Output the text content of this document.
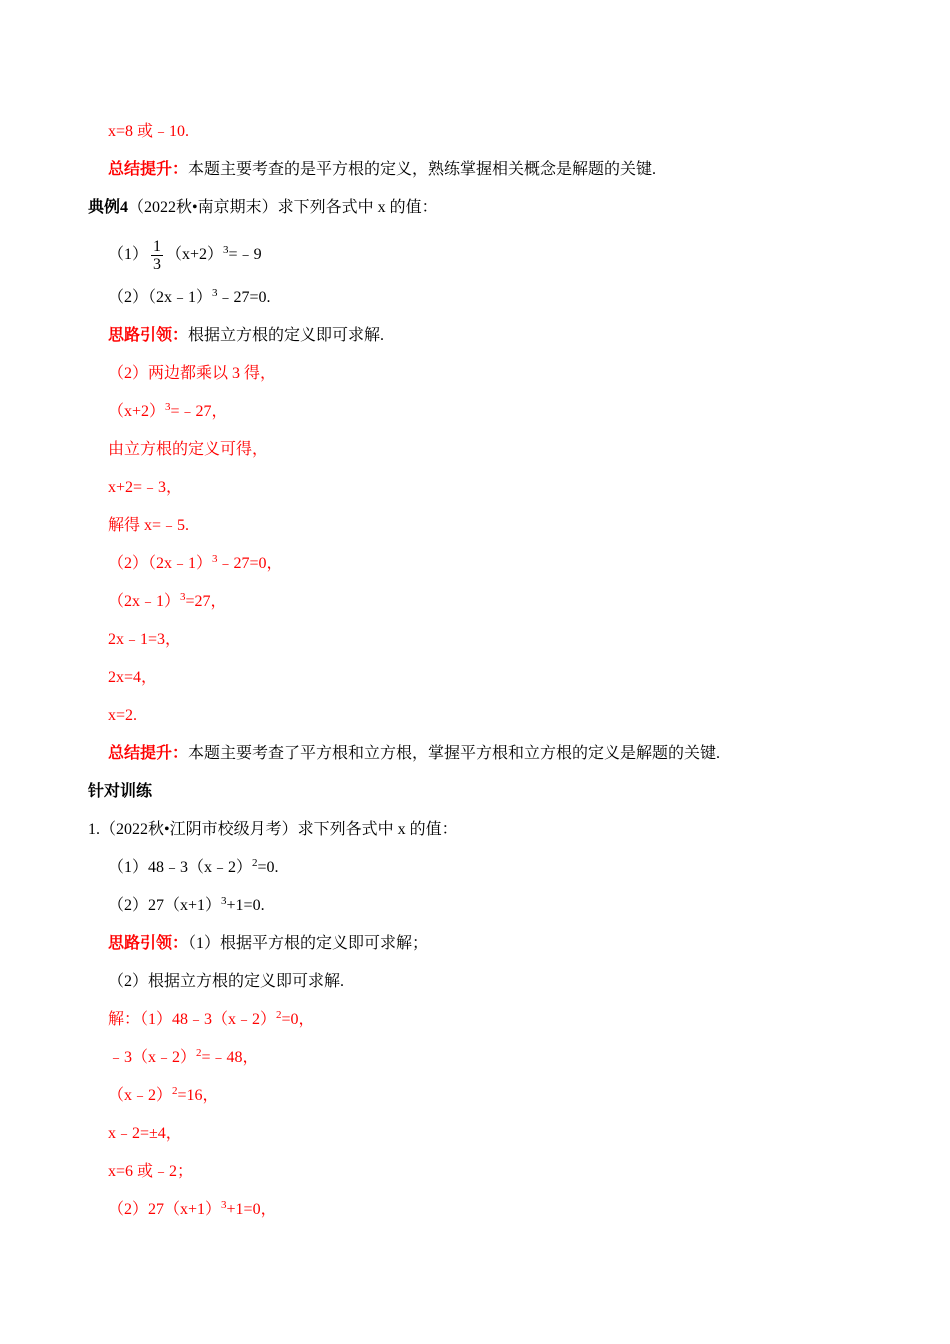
x=8 或﹣10.
总结提升：本题主要考查的是平方根的定义，熟练掌握相关概念是解题的关键.
典例4（2022秋•南京期末）求下列各式中 x 的值：
$(1) \frac{1}{3}$ $(x+2)^3=﹣9$
（2）（2x﹣1）$^3$﹣27=0.
思路引领：根据立方根的定义即可求解.
（2）两边都乘以 3 得，
$(x+2)^3=﹣27$，
由立方根的定义可得，
x+2=﹣3，
解得 x=﹣5.
（2）（2x﹣1）$^3$﹣27=0，
（2x﹣1）$^3$=27，
2x﹣1=3，
2x=4，
x=2.
总结提升：本题主要考查了平方根和立方根，掌握平方根和立方根的定义是解题的关键.
针对训练
1.（2022秋•江阴市校级月考）求下列各式中 x 的值：
（1）48﹣3（x﹣2）$^2$=0.
$(2)27(x+1)^3+1=0$.
思路引领：（1）根据平方根的定义即可求解；
（2）根据立方根的定义即可求解.
解：（1）48﹣3（x﹣2）$^2$=0，
﹣3（x﹣2）$^2$=﹣48，
（x﹣2）$^2$=16，
x﹣2=±4，
x=6 或﹣2；
$(2)27(x+1)^3+1=0$，
